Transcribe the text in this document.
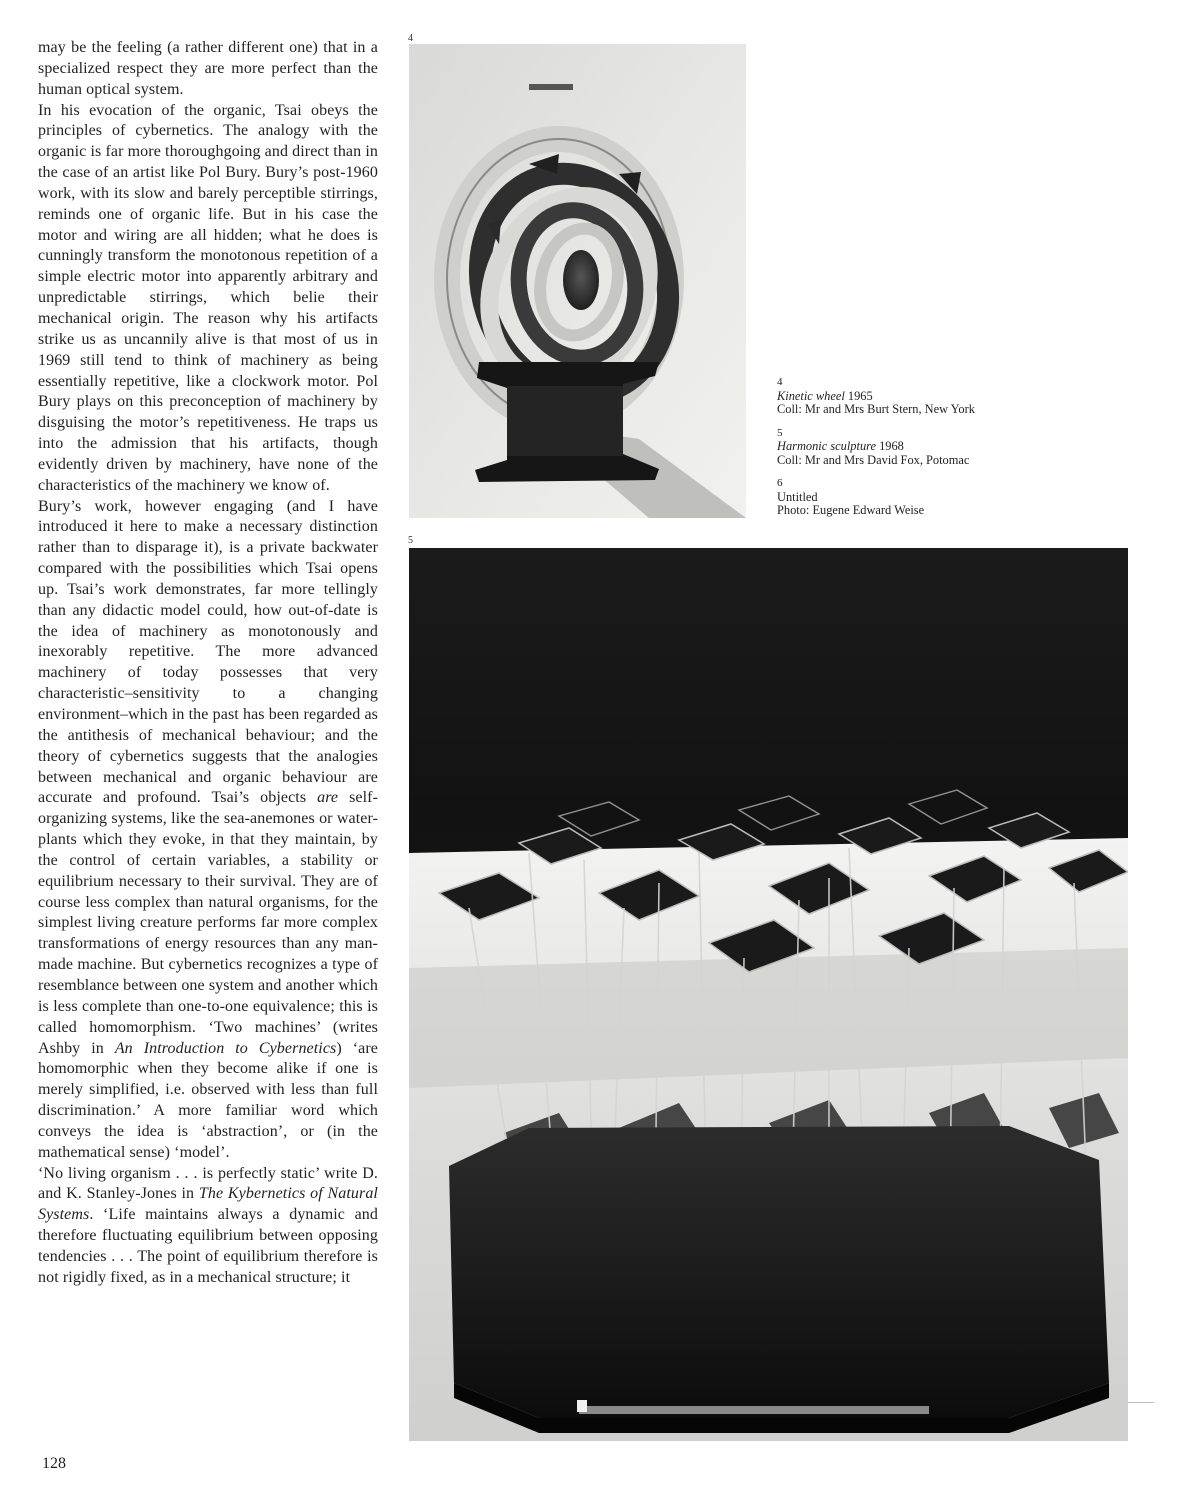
may be the feeling (a rather different one) that in a specialized respect they are more perfect than the human optical system.

In his evocation of the organic, Tsai obeys the principles of cybernetics. The analogy with the organic is far more thoroughgoing and direct than in the case of an artist like Pol Bury. Bury’s post-1960 work, with its slow and barely perceptible stirrings, reminds one of organic life. But in his case the motor and wiring are all hidden; what he does is cunningly transform the monotonous repetition of a simple electric motor into apparently arbitrary and unpredictable stirrings, which belie their mechanical origin. The reason why his artifacts strike us as uncannily alive is that most of us in 1969 still tend to think of machinery as being essentially repetitive, like a clockwork motor. Pol Bury plays on this preconception of machinery by disguising the motor’s repetitiveness. He traps us into the admission that his artifacts, though evidently driven by machinery, have none of the characteristics of the machinery we know of.

Bury’s work, however engaging (and I have introduced it here to make a necessary distinction rather than to disparage it), is a private backwater compared with the possibilities which Tsai opens up. Tsai’s work demonstrates, far more tellingly than any didactic model could, how out-of-date is the idea of machinery as monotonously and inexorably repetitive. The more advanced machinery of today possesses that very characteristic–sensitivity to a changing environment–which in the past has been regarded as the antithesis of mechanical behaviour; and the theory of cybernetics suggests that the analogies between mechanical and organic behaviour are accurate and profound. Tsai’s objects are self-organizing systems, like the sea-anemones or water-plants which they evoke, in that they maintain, by the control of certain variables, a stability or equilibrium necessary to their survival. They are of course less complex than natural organisms, for the simplest living creature performs far more complex transformations of energy resources than any man-made machine. But cybernetics recognizes a type of resemblance between one system and another which is less complete than one-to-one equivalence; this is called homomorphism. ‘Two machines’ (writes Ashby in An Introduction to Cybernetics) ‘are homomorphic when they become alike if one is merely simplified, i.e. observed with less than full discrimination.’ A more familiar word which conveys the idea is ‘abstraction’, or (in the mathematical sense) ‘model’.

‘No living organism . . . is perfectly static’ write D. and K. Stanley-Jones in The Kybernetics of Natural Systems. ‘Life maintains always a dynamic and therefore fluctuating equilibrium between opposing tendencies . . . The point of equilibrium therefore is not rigidly fixed, as in a mechanical structure; it

4
4
Kinetic wheel 1965
Coll: Mr and Mrs Burt Stern, New York
5
Harmonic sculpture 1968
Coll: Mr and Mrs David Fox, Potomac
6
Untitled
Photo: Eugene Edward Weise
5
128
